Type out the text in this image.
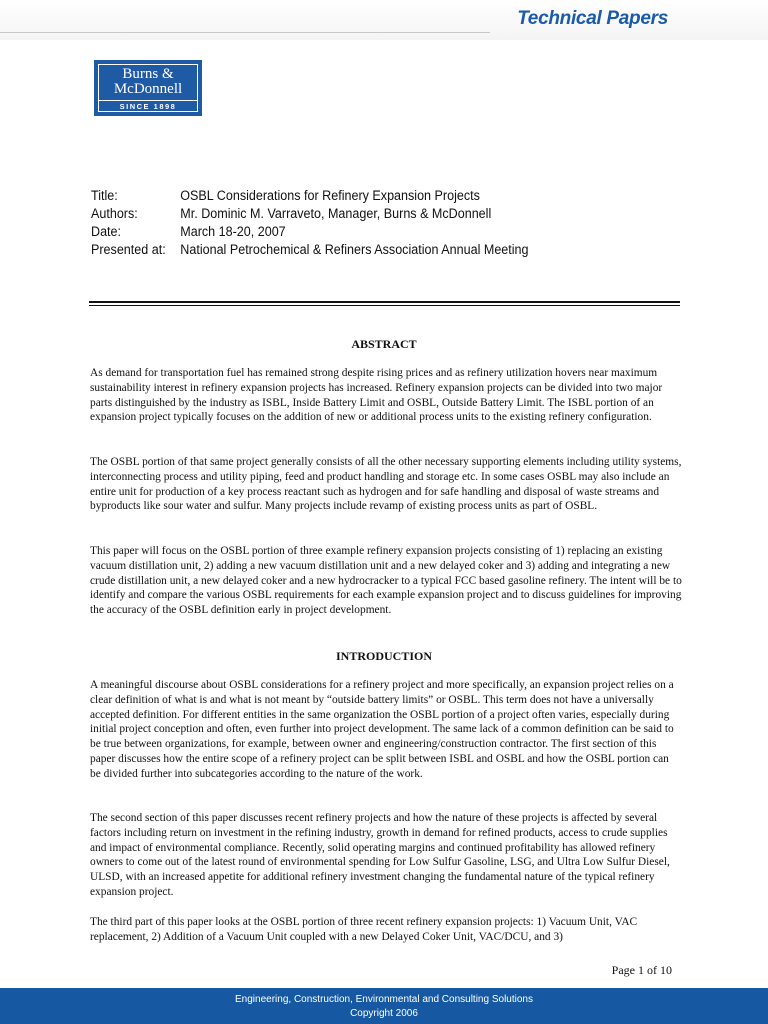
Technical Papers
Burns &
McDonnell
SINCE 1898
Title:	OSBL Considerations for Refinery Expansion Projects
Authors:	Mr. Dominic M. Varraveto, Manager, Burns & McDonnell
Date:	March 18-20, 2007
Presented at:	National Petrochemical & Refiners Association Annual Meeting
ABSTRACT
As demand for transportation fuel has remained strong despite rising prices and as refinery utilization hovers near maximum sustainability interest in refinery expansion projects has increased. Refinery expansion projects can be divided into two major parts distinguished by the industry as ISBL, Inside Battery Limit and OSBL, Outside Battery Limit. The ISBL portion of an expansion project typically focuses on the addition of new or additional process units to the existing refinery configuration.
The OSBL portion of that same project generally consists of all the other necessary supporting elements including utility systems, interconnecting process and utility piping, feed and product handling and storage etc. In some cases OSBL may also include an entire unit for production of a key process reactant such as hydrogen and for safe handling and disposal of waste streams and byproducts like sour water and sulfur. Many projects include revamp of existing process units as part of OSBL.
This paper will focus on the OSBL portion of three example refinery expansion projects consisting of 1) replacing an existing vacuum distillation unit, 2) adding a new vacuum distillation unit and a new delayed coker and 3) adding and integrating a new crude distillation unit, a new delayed coker and a new hydrocracker to a typical FCC based gasoline refinery. The intent will be to identify and compare the various OSBL requirements for each example expansion project and to discuss guidelines for improving the accuracy of the OSBL definition early in project development.
INTRODUCTION
A meaningful discourse about OSBL considerations for a refinery project and more specifically, an expansion project relies on a clear definition of what is and what is not meant by “outside battery limits” or OSBL. This term does not have a universally accepted definition. For different entities in the same organization the OSBL portion of a project often varies, especially during initial project conception and often, even further into project development. The same lack of a common definition can be said to be true between organizations, for example, between owner and engineering/construction contractor. The first section of this paper discusses how the entire scope of a refinery project can be split between ISBL and OSBL and how the OSBL portion can be divided further into subcategories according to the nature of the work.
The second section of this paper discusses recent refinery projects and how the nature of these projects is affected by several factors including return on investment in the refining industry, growth in demand for refined products, access to crude supplies and impact of environmental compliance. Recently, solid operating margins and continued profitability has allowed refinery owners to come out of the latest round of environmental spending for Low Sulfur Gasoline, LSG, and Ultra Low Sulfur Diesel, ULSD, with an increased appetite for additional refinery investment changing the fundamental nature of the typical refinery expansion project.
The third part of this paper looks at the OSBL portion of three recent refinery expansion projects: 1) Vacuum Unit, VAC replacement, 2) Addition of a Vacuum Unit coupled with a new Delayed Coker Unit, VAC/DCU, and 3)
Page 1 of 10
Engineering, Construction, Environmental and Consulting Solutions
Copyright 2006
